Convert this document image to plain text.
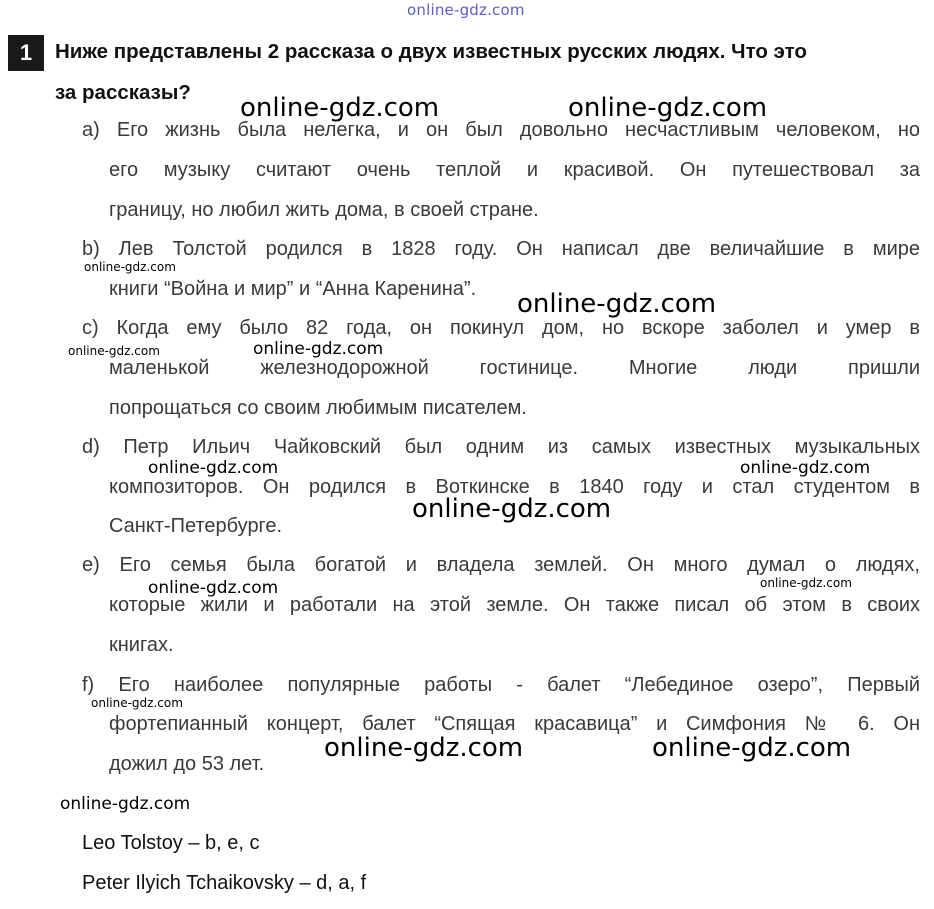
online-gdz.com
1	Ниже представлены 2 рассказа о двух известных русских людях. Что это
за рассказы?
a) Его жизнь была нелегка, и он был довольно несчастливым человеком, но
его музыку считают очень теплой и красивой. Он путешествовал за
границу, но любил жить дома, в своей стране.
b) Лев Толстой родился в 1828 году. Он написал две величайшие в мире
книги “Война и мир” и “Анна Каренина”.
c) Когда ему было 82 года, он покинул дом, но вскоре заболел и умер в
маленькой железнодорожной гостинице. Многие люди пришли
попрощаться со своим любимым писателем.
d) Петр Ильич Чайковский был одним из самых известных музыкальных
композиторов. Он родился в Воткинске в 1840 году и стал студентом в
Санкт-Петербурге.
e) Его семья была богатой и владела землей. Он много думал о людях,
которые жили и работали на этой земле. Он также писал об этом в своих
книгах.
f) Его наиболее популярные работы - балет “Лебединое озеро”, Первый
фортепианный концерт, балет “Спящая красавица” и Симфония № 6. Он
дожил до 53 лет.
Leo Tolstoy – b, e, c
Peter Ilyich Tchaikovsky – d, a, f
online-gdz.com	online-gdz.com
online-gdz.com
online-gdz.com
online-gdz.com	online-gdz.com
online-gdz.com	online-gdz.com
online-gdz.com
online-gdz.com
online-gdz.com
online-gdz.com
online-gdz.com	online-gdz.com
online-gdz.com
